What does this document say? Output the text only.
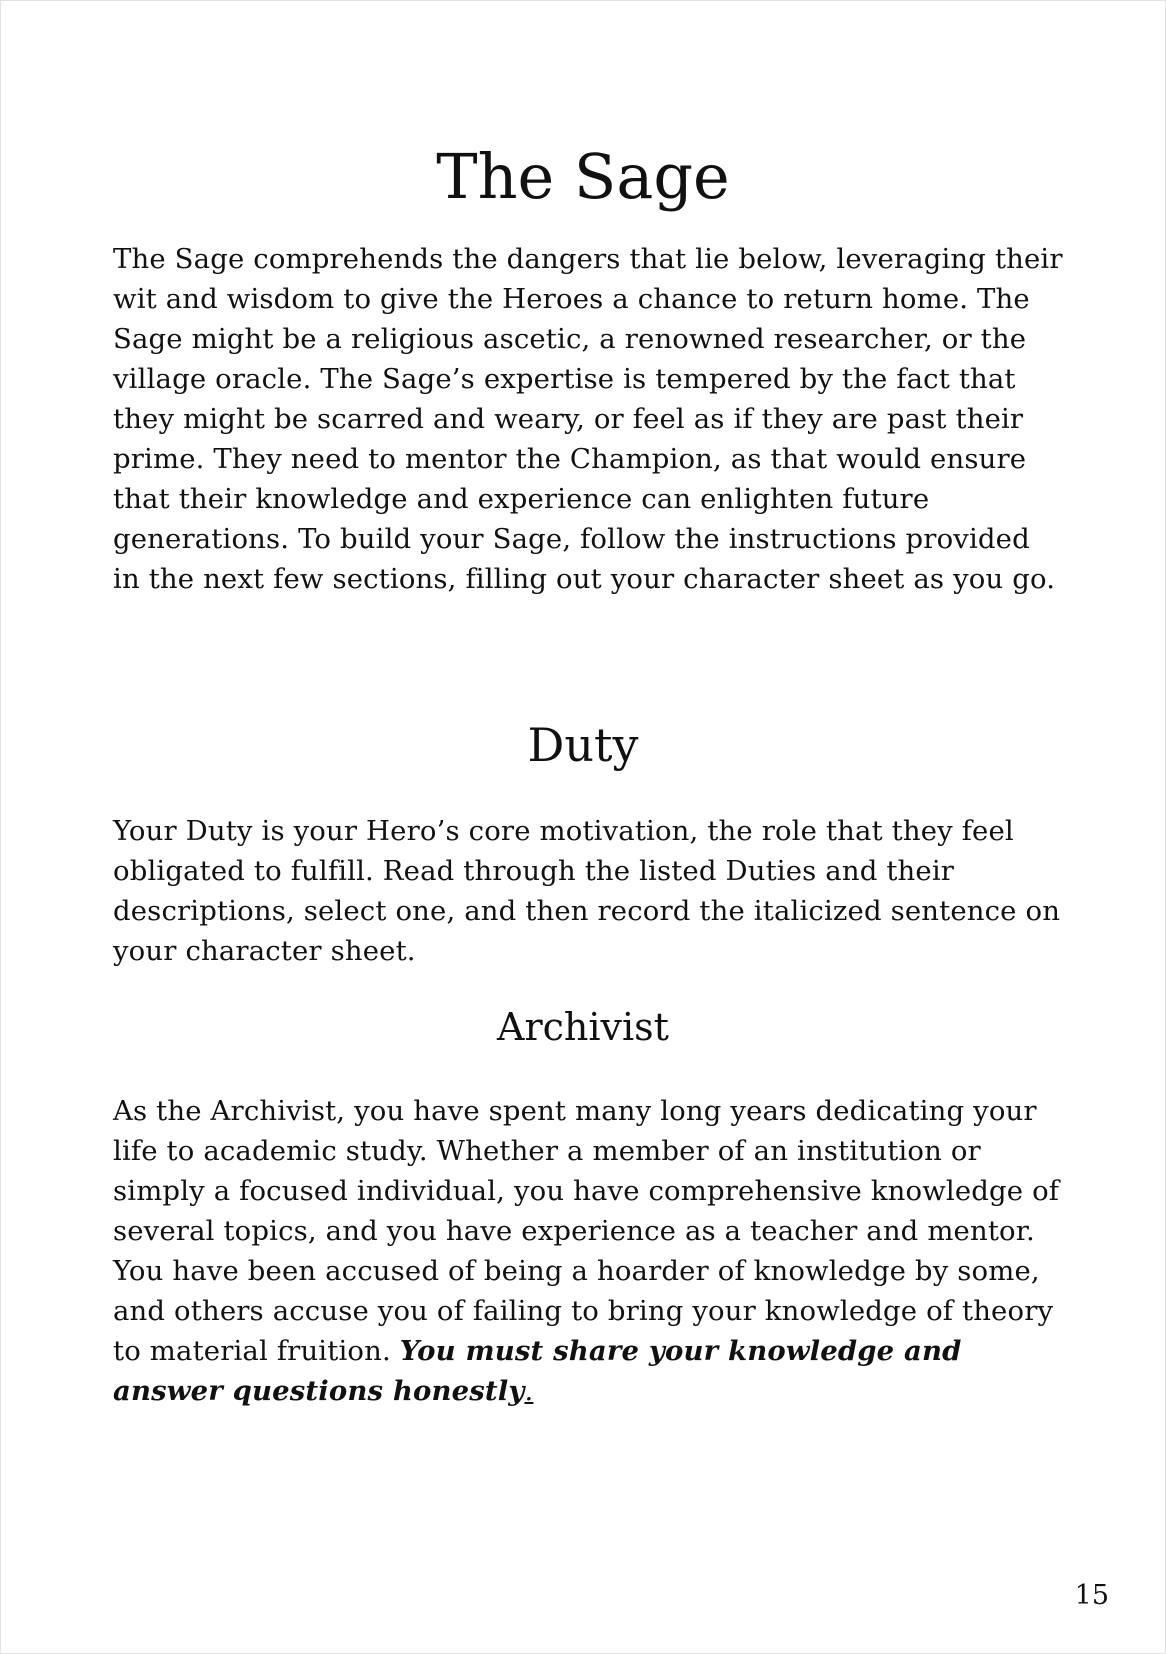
The Sage

The Sage comprehends the dangers that lie below, leveraging their wit and wisdom to give the Heroes a chance to return home. The Sage might be a religious ascetic, a renowned researcher, or the village oracle. The Sage’s expertise is tempered by the fact that they might be scarred and weary, or feel as if they are past their prime. They need to mentor the Champion, as that would ensure that their knowledge and experience can enlighten future generations. To build your Sage, follow the instructions provided in the next few sections, filling out your character sheet as you go.

Duty

Your Duty is your Hero’s core motivation, the role that they feel obligated to fulfill. Read through the listed Duties and their descriptions, select one, and then record the italicized sentence on your character sheet.

Archivist

As the Archivist, you have spent many long years dedicating your life to academic study. Whether a member of an institution or simply a focused individual, you have comprehensive knowledge of several topics, and you have experience as a teacher and mentor. You have been accused of being a hoarder of knowledge by some, and others accuse you of failing to bring your knowledge of theory to material fruition. You must share your knowledge and answer questions honestly.

15
